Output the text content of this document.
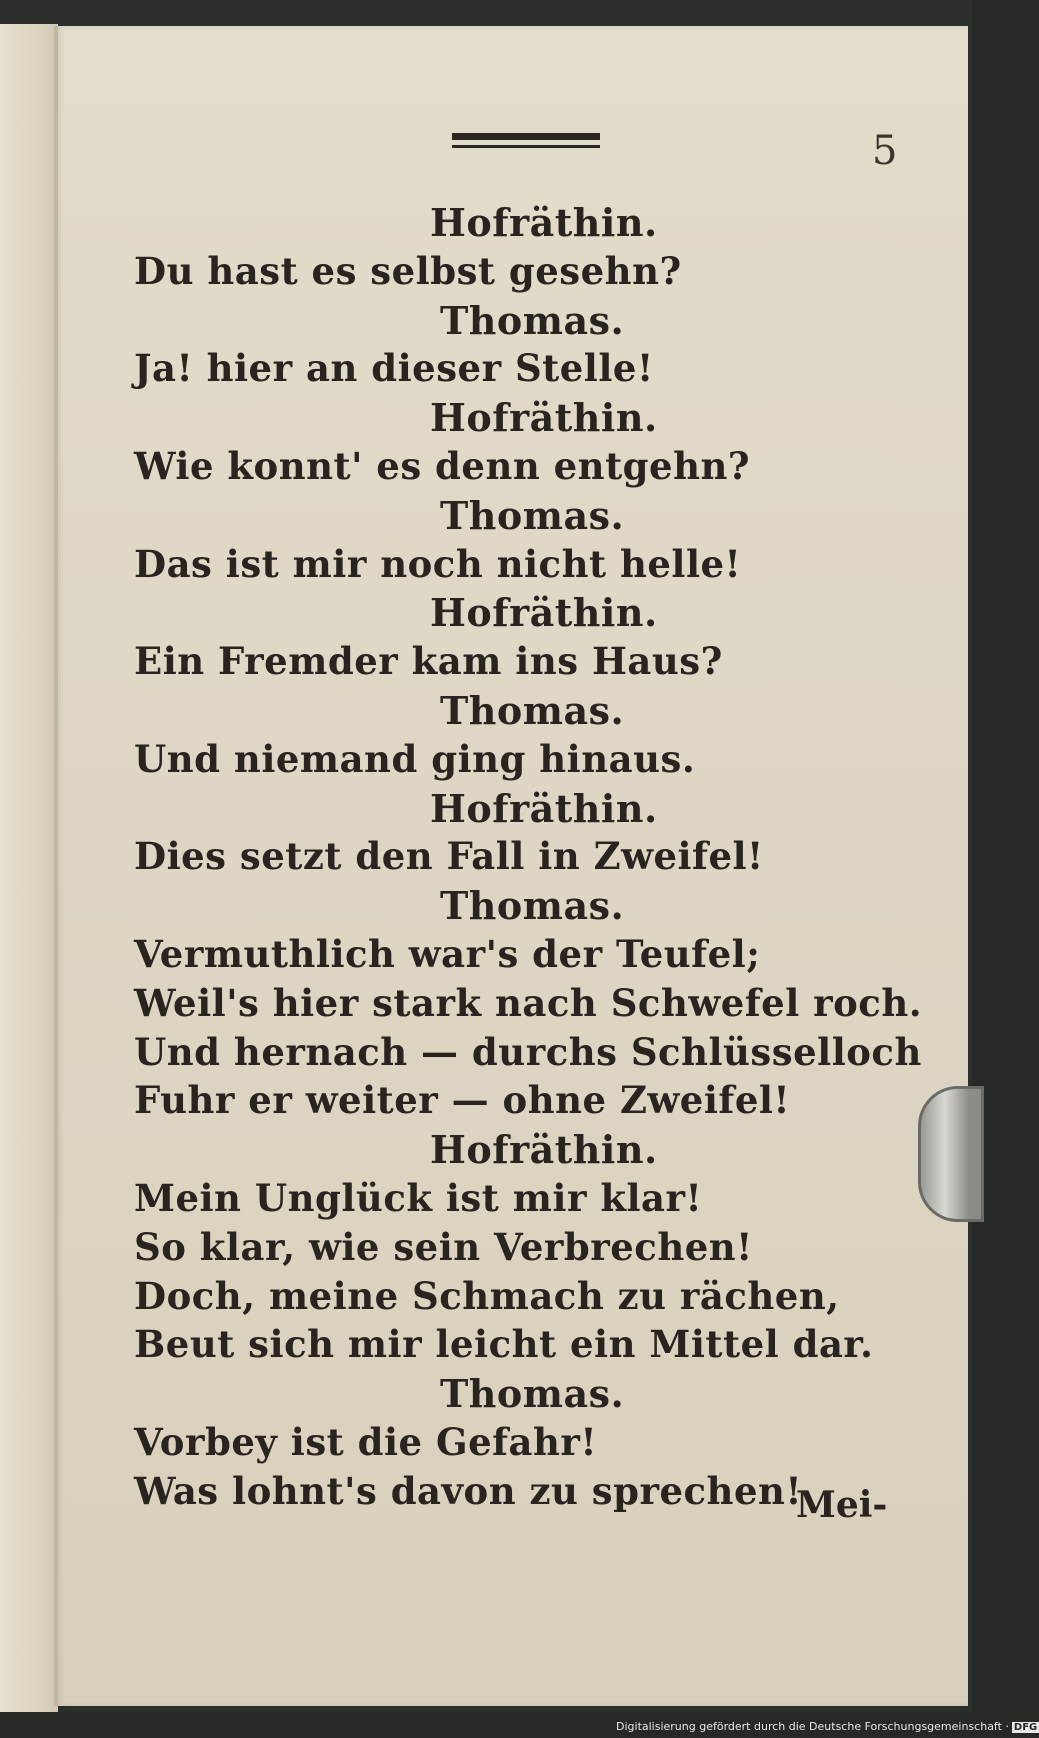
5
Hofräthin.
Du hast es selbst gesehn?
Thomas.
Ja! hier an dieser Stelle!
Hofräthin.
Wie konnt' es denn entgehn?
Thomas.
Das ist mir noch nicht helle!
Hofräthin.
Ein Fremder kam ins Haus?
Thomas.
Und niemand ging hinaus.
Hofräthin.
Dies setzt den Fall in Zweifel!
Thomas.
Vermuthlich war's der Teufel;
Weil's hier stark nach Schwefel roch.
Und hernach — durchs Schlüsselloch
Fuhr er weiter — ohne Zweifel!
Hofräthin.
Mein Unglück ist mir klar!
So klar, wie sein Verbrechen!
Doch, meine Schmach zu rächen,
Beut sich mir leicht ein Mittel dar.
Thomas.
Vorbey ist die Gefahr!
Was lohnt's davon zu sprechen!
Mei-
Digitalisierung gefördert durch die Deutsche Forschungsgemeinschaft · DFG
